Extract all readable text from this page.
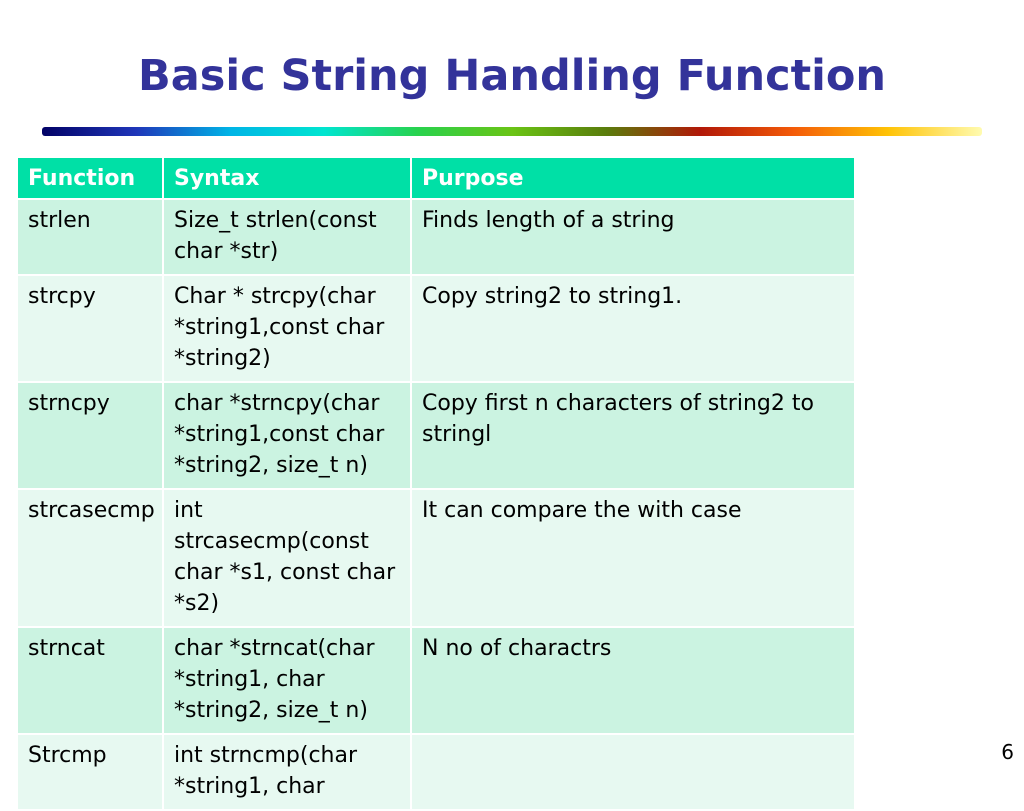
Basic String Handling Function
Function	Syntax	Purpose
strlen	Size_t strlen(const char *str)	Finds length of a string
strcpy	Char * strcpy(char *string1,const char *string2)	Copy string2 to string1.
strncpy	char *strncpy(char *string1,const char *string2, size_t n)	Copy first n characters of string2 to stringl
strcasecmp	int strcasecmp(const char *s1, const char *s2)	It can compare the with case
strncat	char *strncat(char *string1, char *string2, size_t n)	N no of charactrs
Strcmp	int strncmp(char *string1, char	
6
